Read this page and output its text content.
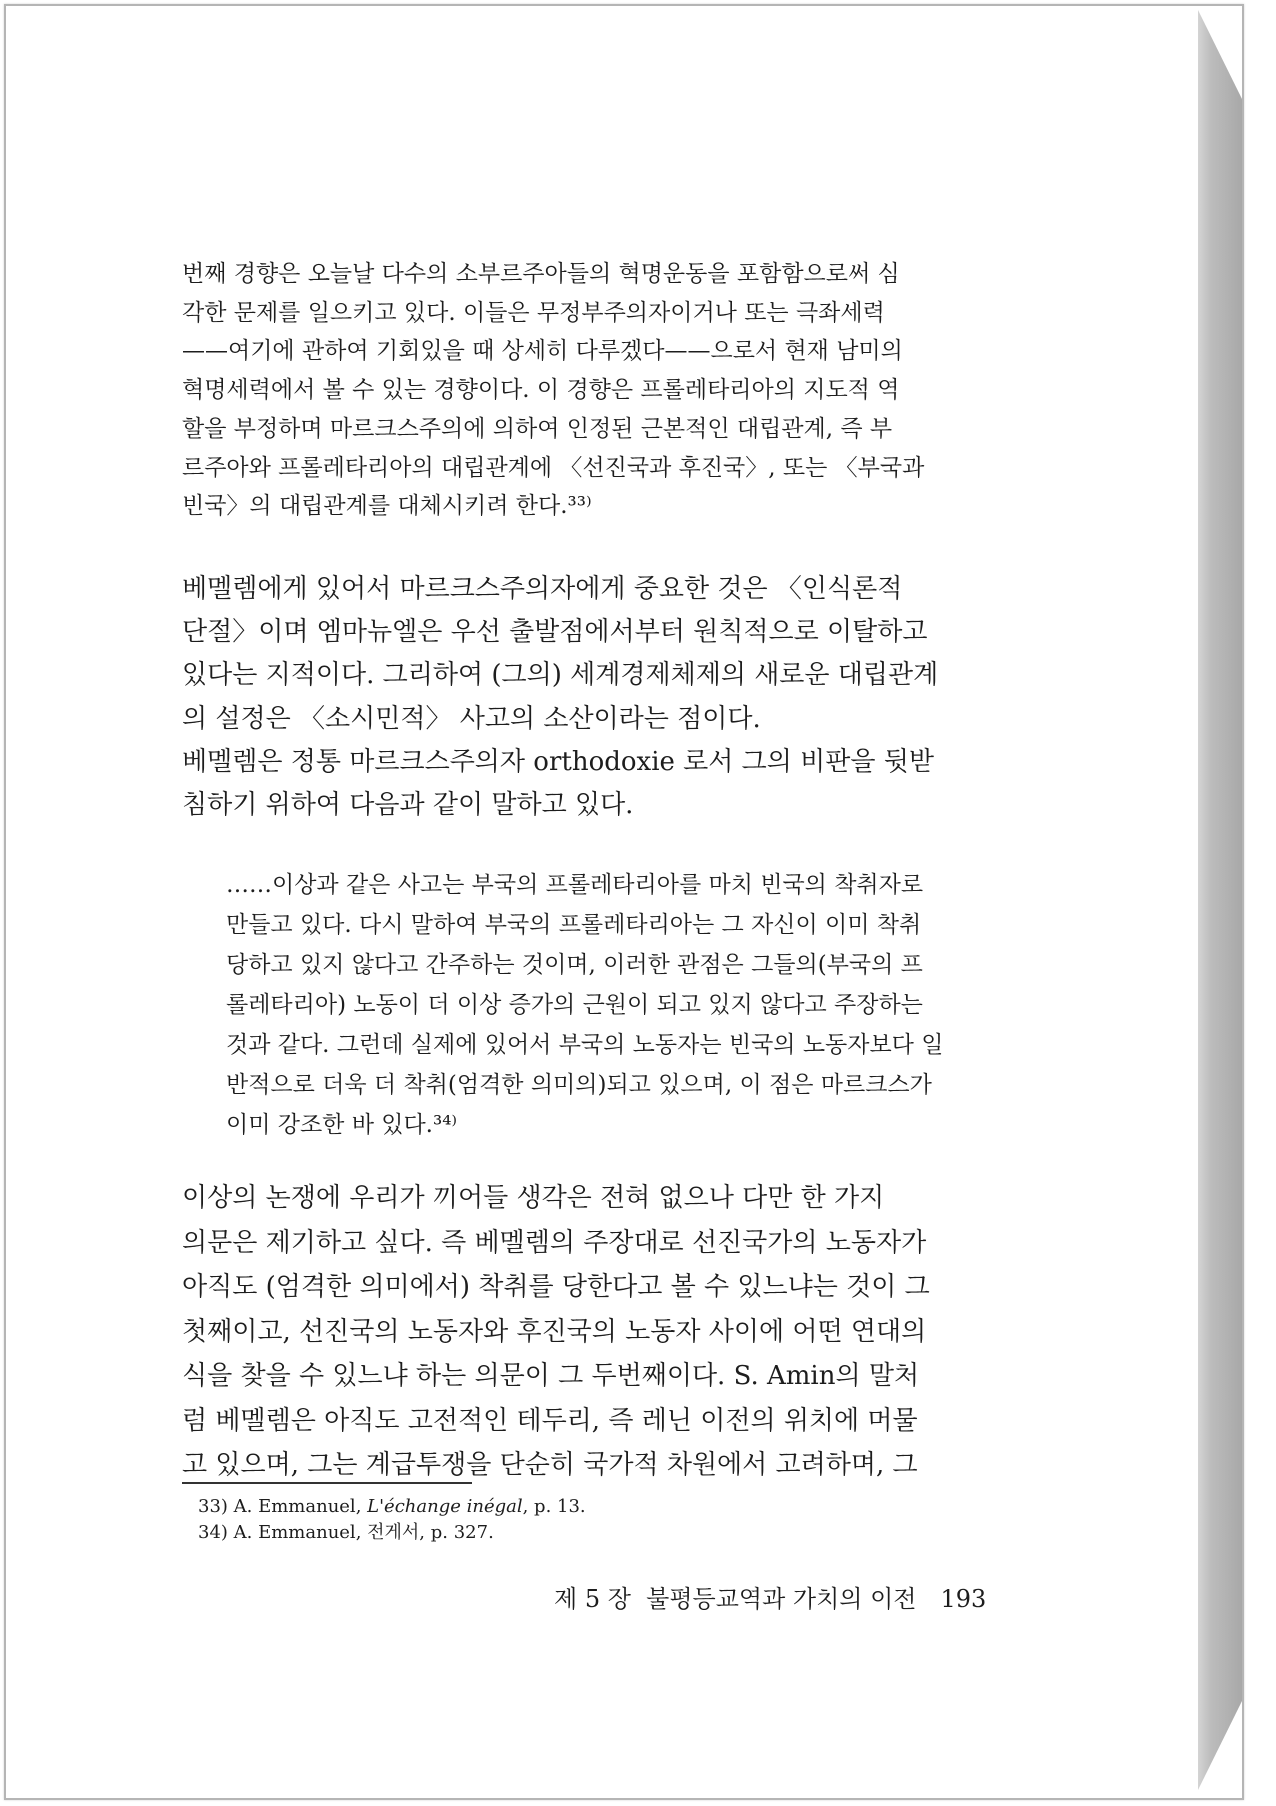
번째 경향은 오늘날 다수의 소부르주아들의 혁명운동을 포함함으로써 심
각한 문제를 일으키고 있다. 이들은 무정부주의자이거나 또는 극좌세력
——여기에 관하여 기회있을 때 상세히 다루겠다——으로서 현재 남미의
혁명세력에서 볼 수 있는 경향이다. 이 경향은 프롤레타리아의 지도적 역
할을 부정하며 마르크스주의에 의하여 인정된 근본적인 대립관계, 즉 부
르주아와 프롤레타리아의 대립관계에 〈선진국과 후진국〉, 또는 〈부국과
빈국〉의 대립관계를 대체시키려 한다.³³⁾

베멜렘에게 있어서 마르크스주의자에게 중요한 것은 〈인식론적
단절〉이며 엠마뉴엘은 우선 출발점에서부터 원칙적으로 이탈하고
있다는 지적이다. 그리하여 (그의) 세계경제체제의 새로운 대립관계
의 설정은 〈소시민적〉 사고의 소산이라는 점이다.
베멜렘은 정통 마르크스주의자 orthodoxie 로서 그의 비판을 뒷받
침하기 위하여 다음과 같이 말하고 있다.

……이상과 같은 사고는 부국의 프롤레타리아를 마치 빈국의 착취자로
만들고 있다. 다시 말하여 부국의 프롤레타리아는 그 자신이 이미 착취
당하고 있지 않다고 간주하는 것이며, 이러한 관점은 그들의(부국의 프
롤레타리아) 노동이 더 이상 증가의 근원이 되고 있지 않다고 주장하는
것과 같다. 그런데 실제에 있어서 부국의 노동자는 빈국의 노동자보다 일
반적으로 더욱 더 착취(엄격한 의미의)되고 있으며, 이 점은 마르크스가
이미 강조한 바 있다.³⁴⁾

이상의 논쟁에 우리가 끼어들 생각은 전혀 없으나 다만 한 가지
의문은 제기하고 싶다. 즉 베멜렘의 주장대로 선진국가의 노동자가
아직도 (엄격한 의미에서) 착취를 당한다고 볼 수 있느냐는 것이 그
첫째이고, 선진국의 노동자와 후진국의 노동자 사이에 어떤 연대의
식을 찾을 수 있느냐 하는 의문이 그 두번째이다. S. Amin의 말처
럼 베멜렘은 아직도 고전적인 테두리, 즉 레닌 이전의 위치에 머물
고 있으며, 그는 계급투쟁을 단순히 국가적 차원에서 고려하며, 그

33) A. Emmanuel, L'échange inégal, p. 13.
34) A. Emmanuel, 전게서, p. 327.
제 5 장  불평등교역과 가치의 이전 193
